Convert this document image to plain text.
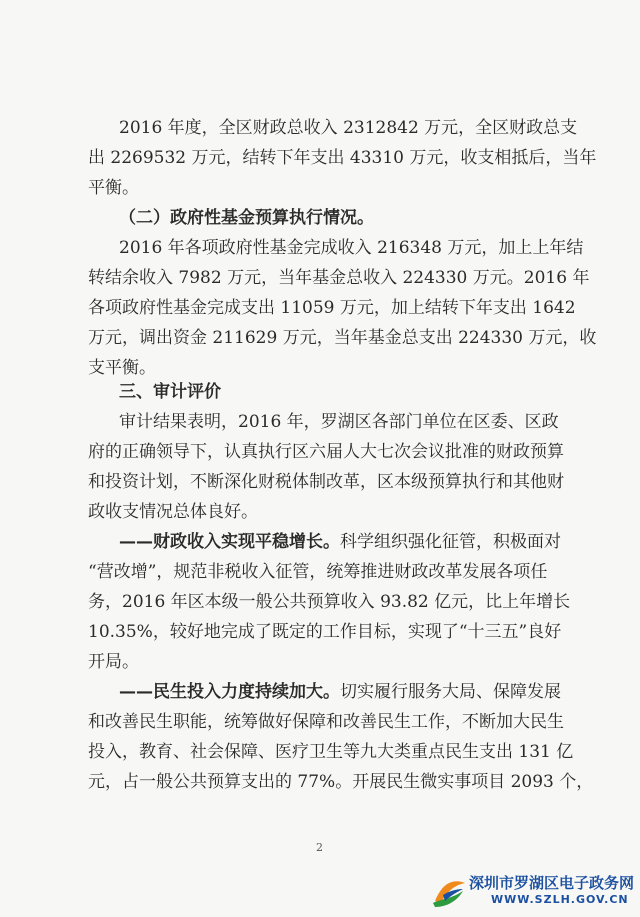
2016 年度，全区财政总收入 2312842 万元，全区财政总支
出 2269532 万元，结转下年支出 43310 万元，收支相抵后，当年
平衡。
（二）政府性基金预算执行情况。
2016 年各项政府性基金完成收入 216348 万元，加上上年结
转结余收入 7982 万元，当年基金总收入 224330 万元。2016 年
各项政府性基金完成支出 11059 万元，加上结转下年支出 1642
万元，调出资金 211629 万元，当年基金总支出 224330 万元，收
支平衡。
三、审计评价
审计结果表明，2016 年，罗湖区各部门单位在区委、区政
府的正确领导下，认真执行区六届人大七次会议批准的财政预算
和投资计划，不断深化财税体制改革，区本级预算执行和其他财
政收支情况总体良好。
——财政收入实现平稳增长。科学组织强化征管，积极面对
“营改增”，规范非税收入征管，统筹推进财政改革发展各项任
务，2016 年区本级一般公共预算收入 93.82 亿元，比上年增长
10.35%，较好地完成了既定的工作目标，实现了“十三五”良好
开局。
——民生投入力度持续加大。切实履行服务大局、保障发展
和改善民生职能，统筹做好保障和改善民生工作，不断加大民生
投入，教育、社会保障、医疗卫生等九大类重点民生支出 131 亿
元，占一般公共预算支出的 77%。开展民生微实事项目 2093 个，
2
深圳市罗湖区电子政务网
WWW.SZLH.GOV.CN
